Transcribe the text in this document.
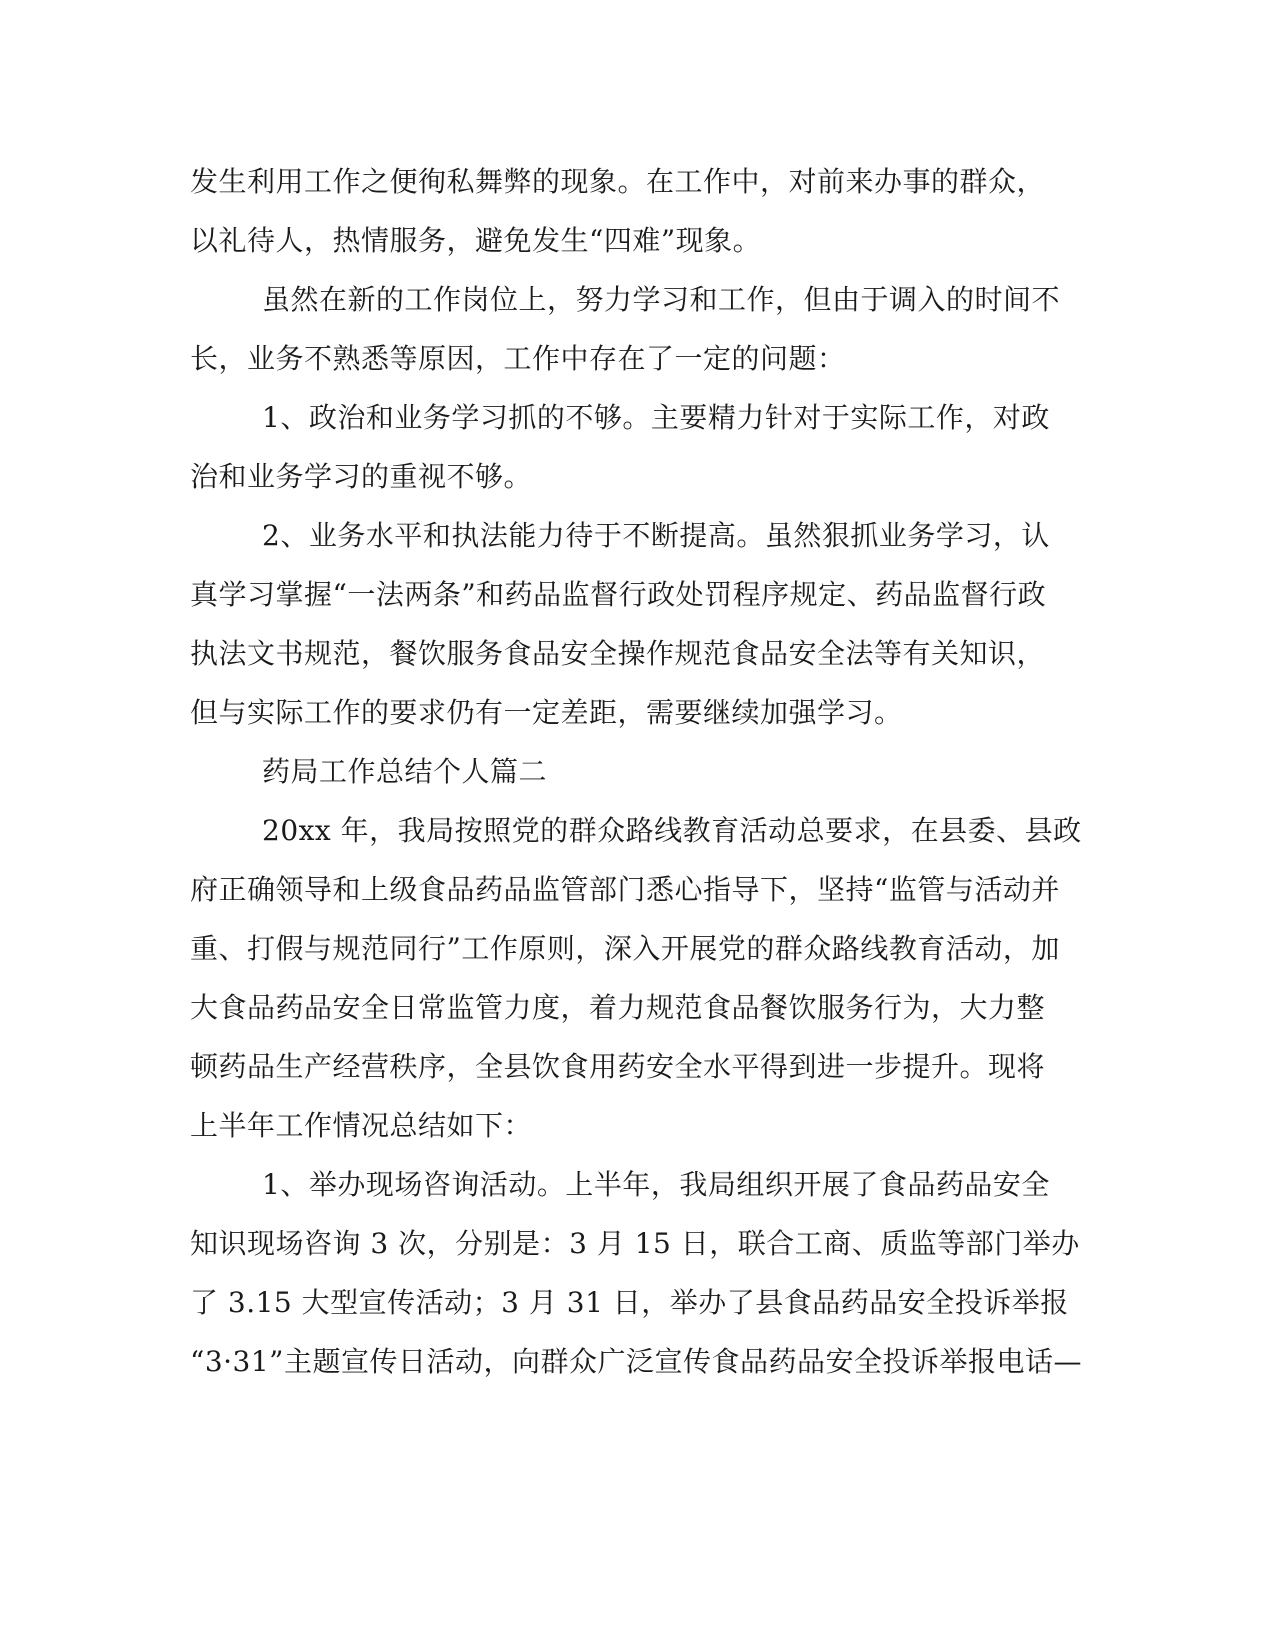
发生利用工作之便徇私舞弊的现象。在工作中，对前来办事的群众，
以礼待人，热情服务，避免发生“四难”现象。
虽然在新的工作岗位上，努力学习和工作，但由于调入的时间不
长，业务不熟悉等原因，工作中存在了一定的问题：
1、政治和业务学习抓的不够。主要精力针对于实际工作，对政
治和业务学习的重视不够。
2、业务水平和执法能力待于不断提高。虽然狠抓业务学习，认
真学习掌握“一法两条”和药品监督行政处罚程序规定、药品监督行政
执法文书规范，餐饮服务食品安全操作规范食品安全法等有关知识，
但与实际工作的要求仍有一定差距，需要继续加强学习。
药局工作总结个人篇二
20xx 年，我局按照党的群众路线教育活动总要求，在县委、县政
府正确领导和上级食品药品监管部门悉心指导下，坚持“监管与活动并
重、打假与规范同行”工作原则，深入开展党的群众路线教育活动，加
大食品药品安全日常监管力度，着力规范食品餐饮服务行为，大力整
顿药品生产经营秩序，全县饮食用药安全水平得到进一步提升。现将
上半年工作情况总结如下：
1、举办现场咨询活动。上半年，我局组织开展了食品药品安全
知识现场咨询 3 次，分别是：3 月 15 日，联合工商、质监等部门举办
了 3.15 大型宣传活动；3 月 31 日，举办了县食品药品安全投诉举报
“3·31”主题宣传日活动，向群众广泛宣传食品药品安全投诉举报电话—
